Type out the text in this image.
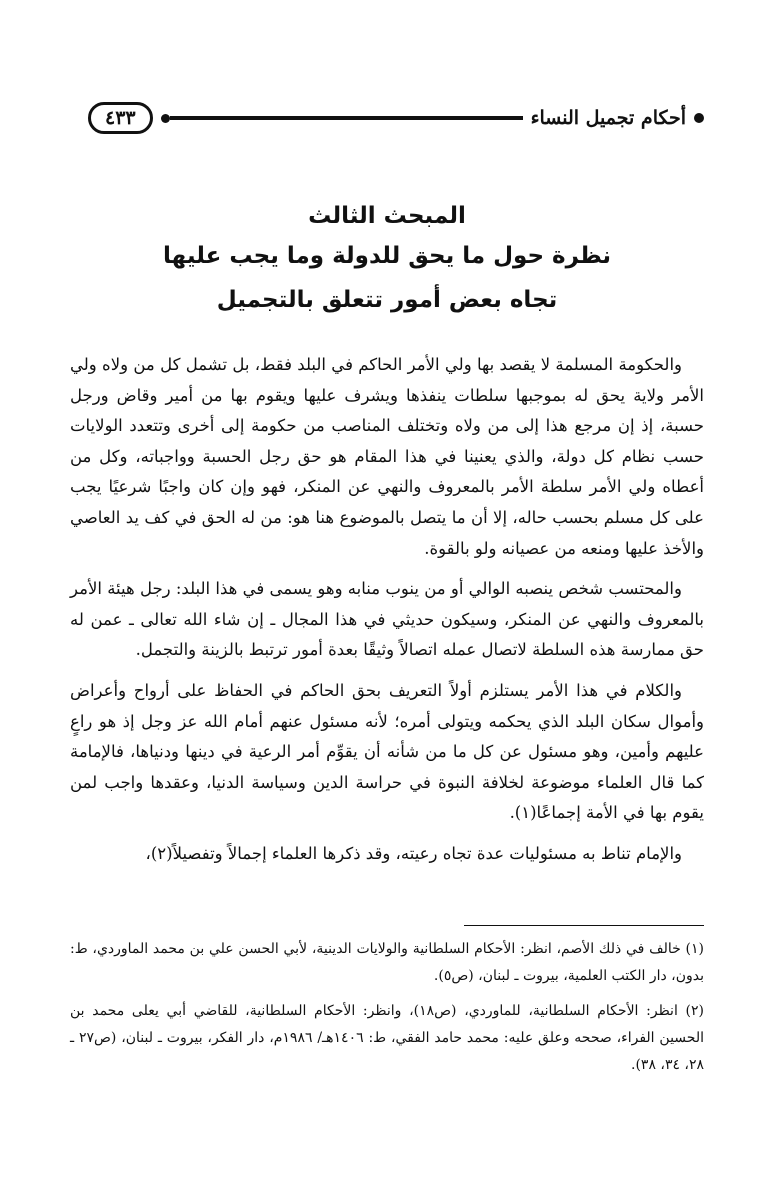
أحكام تجميل النساء
٤٣٣
المبحث الثالث
نظرة حول ما يحق للدولة وما يجب عليها
تجاه بعض أمور تتعلق بالتجميل

والحكومة المسلمة لا يقصد بها ولي الأمر الحاكم في البلد فقط، بل تشمل كل من ولاه ولي الأمر ولاية يحق له بموجبها سلطات ينفذها ويشرف عليها ويقوم بها من أمير وقاض ورجل حسبة، إذ إن مرجع هذا إلى من ولاه وتختلف المناصب من حكومة إلى أخرى وتتعدد الولايات حسب نظام كل دولة، والذي يعنينا في هذا المقام هو حق رجل الحسبة وواجباته، وكل من أعطاه ولي الأمر سلطة الأمر بالمعروف والنهي عن المنكر، فهو وإن كان واجبًا شرعيًا يجب على كل مسلم بحسب حاله، إلا أن ما يتصل بالموضوع هنا هو: من له الحق في كف يد العاصي والأخذ عليها ومنعه من عصيانه ولو بالقوة.

والمحتسب شخص ينصبه الوالي أو من ينوب منابه وهو يسمى في هذا البلد: رجل هيئة الأمر بالمعروف والنهي عن المنكر، وسيكون حديثي في هذا المجال ـ إن شاء الله تعالى ـ عمن له حق ممارسة هذه السلطة لاتصال عمله اتصالاً وثيقًا بعدة أمور ترتبط بالزينة والتجمل.

والكلام في هذا الأمر يستلزم أولاً التعريف بحق الحاكم في الحفاظ على أرواح وأعراض وأموال سكان البلد الذي يحكمه ويتولى أمره؛ لأنه مسئول عنهم أمام الله عز وجل إذ هو راعٍ عليهم وأمين، وهو مسئول عن كل ما من شأنه أن يقوِّم أمر الرعية في دينها ودنياها، فالإمامة كما قال العلماء موضوعة لخلافة النبوة في حراسة الدين وسياسة الدنيا، وعقدها واجب لمن يقوم بها في الأمة إجماعًا(١).

والإمام تناط به مسئوليات عدة تجاه رعيته، وقد ذكرها العلماء إجمالاً وتفصيلاً(٢)،

(١) خالف في ذلك الأصم، انظر: الأحكام السلطانية والولايات الدينية، لأبي الحسن علي بن محمد الماوردي، ط: بدون، دار الكتب العلمية، بيروت ـ لبنان، (ص٥).

(٢) انظر: الأحكام السلطانية، للماوردي، (ص١٨)، وانظر: الأحكام السلطانية، للقاضي أبي يعلى محمد بن الحسين الفراء، صححه وعلق عليه: محمد حامد الفقي، ط: ١٤٠٦هـ/ ١٩٨٦م، دار الفكر، بيروت ـ لبنان، (ص٢٧ ـ ٢٨، ٣٤، ٣٨).
